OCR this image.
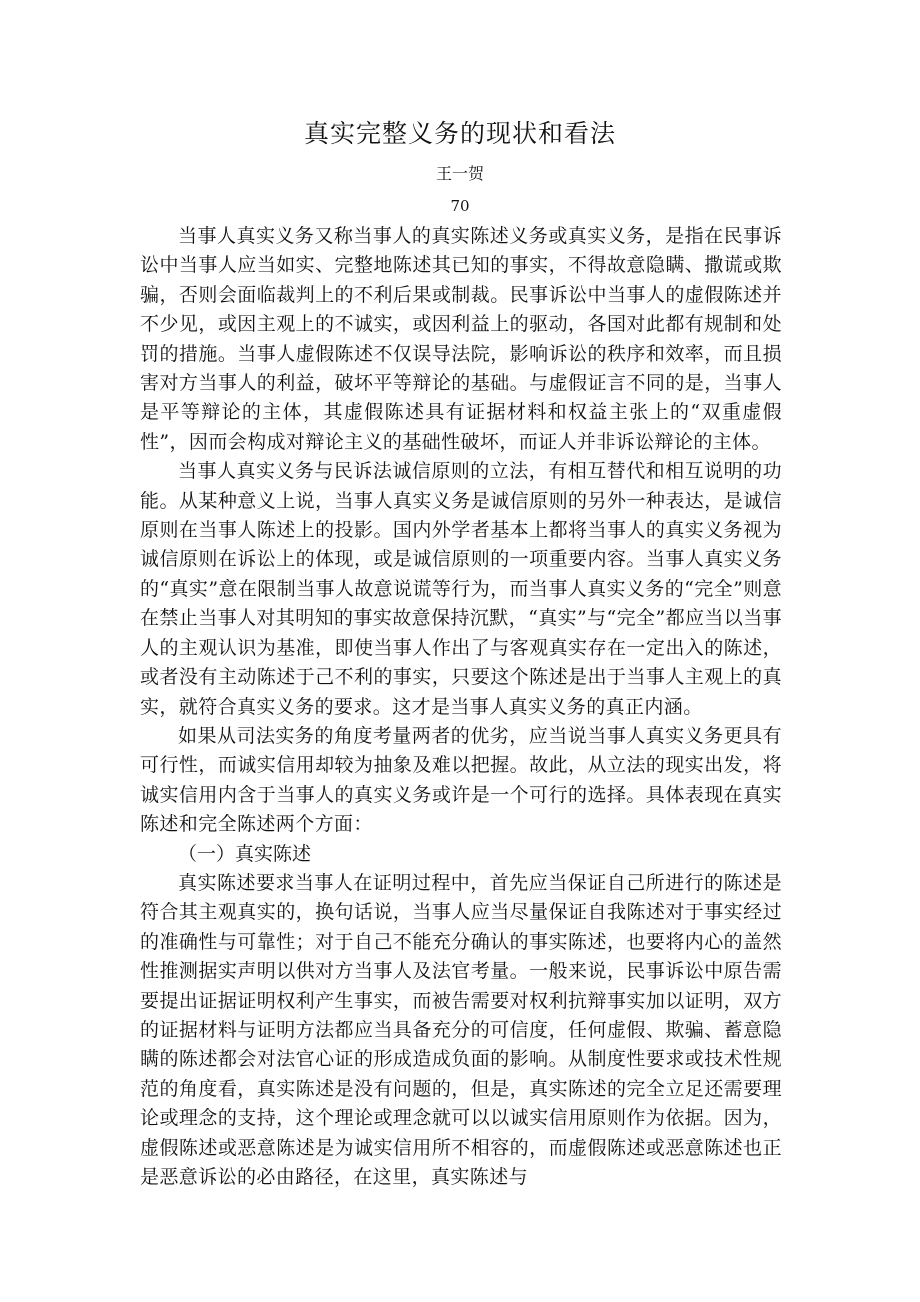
真实完整义务的现状和看法
王一贺
70

当事人真实义务又称当事人的真实陈述义务或真实义务，是指在民事诉讼中当事人应当如实、完整地陈述其已知的事实，不得故意隐瞒、撒谎或欺骗，否则会面临裁判上的不利后果或制裁。民事诉讼中当事人的虚假陈述并不少见，或因主观上的不诚实，或因利益上的驱动，各国对此都有规制和处罚的措施。当事人虚假陈述不仅误导法院，影响诉讼的秩序和效率，而且损害对方当事人的利益，破坏平等辩论的基础。与虚假证言不同的是，当事人是平等辩论的主体，其虚假陈述具有证据材料和权益主张上的“双重虚假性”，因而会构成对辩论主义的基础性破坏，而证人并非诉讼辩论的主体。

当事人真实义务与民诉法诚信原则的立法，有相互替代和相互说明的功能。从某种意义上说，当事人真实义务是诚信原则的另外一种表达，是诚信原则在当事人陈述上的投影。国内外学者基本上都将当事人的真实义务视为诚信原则在诉讼上的体现，或是诚信原则的一项重要内容。当事人真实义务的“真实”意在限制当事人故意说谎等行为，而当事人真实义务的“完全”则意在禁止当事人对其明知的事实故意保持沉默，“真实”与“完全”都应当以当事人的主观认识为基准，即使当事人作出了与客观真实存在一定出入的陈述，或者没有主动陈述于己不利的事实，只要这个陈述是出于当事人主观上的真实，就符合真实义务的要求。这才是当事人真实义务的真正内涵。

如果从司法实务的角度考量两者的优劣，应当说当事人真实义务更具有可行性，而诚实信用却较为抽象及难以把握。故此，从立法的现实出发，将诚实信用内含于当事人的真实义务或许是一个可行的选择。具体表现在真实陈述和完全陈述两个方面：

（一）真实陈述

真实陈述要求当事人在证明过程中，首先应当保证自己所进行的陈述是符合其主观真实的，换句话说，当事人应当尽量保证自我陈述对于事实经过的准确性与可靠性；对于自己不能充分确认的事实陈述，也要将内心的盖然性推测据实声明以供对方当事人及法官考量。一般来说，民事诉讼中原告需要提出证据证明权利产生事实，而被告需要对权利抗辩事实加以证明，双方的证据材料与证明方法都应当具备充分的可信度，任何虚假、欺骗、蓄意隐瞒的陈述都会对法官心证的形成造成负面的影响。从制度性要求或技术性规范的角度看，真实陈述是没有问题的，但是，真实陈述的完全立足还需要理论或理念的支持，这个理论或理念就可以以诚实信用原则作为依据。因为，虚假陈述或恶意陈述是为诚实信用所不相容的，而虚假陈述或恶意陈述也正是恶意诉讼的必由路径，在这里，真实陈述与
